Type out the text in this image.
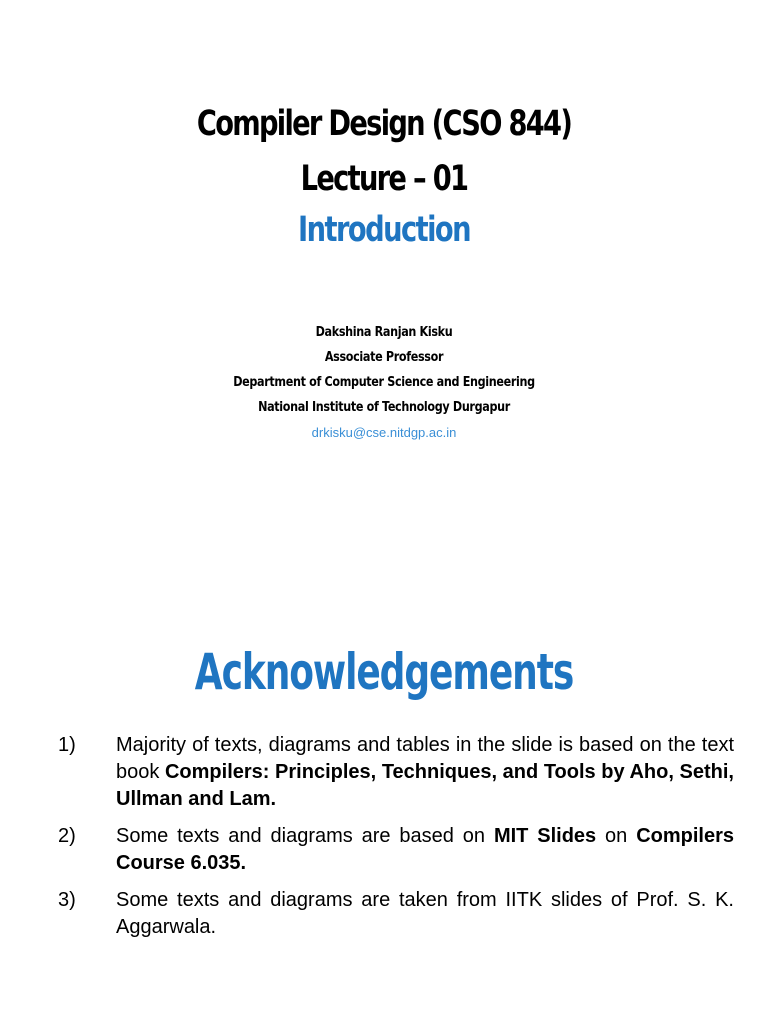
Compiler Design (CSO 844)
Lecture – 01
Introduction
Dakshina Ranjan Kisku
Associate Professor
Department of Computer Science and Engineering
National Institute of Technology Durgapur
drkisku@cse.nitdgp.ac.in
Acknowledgements
1) Majority of texts, diagrams and tables in the slide is based on the text book Compilers: Principles, Techniques, and Tools by Aho, Sethi, Ullman and Lam.
2) Some texts and diagrams are based on MIT Slides on Compilers Course 6.035.
3) Some texts and diagrams are taken from IITK slides of Prof. S. K. Aggarwala.
